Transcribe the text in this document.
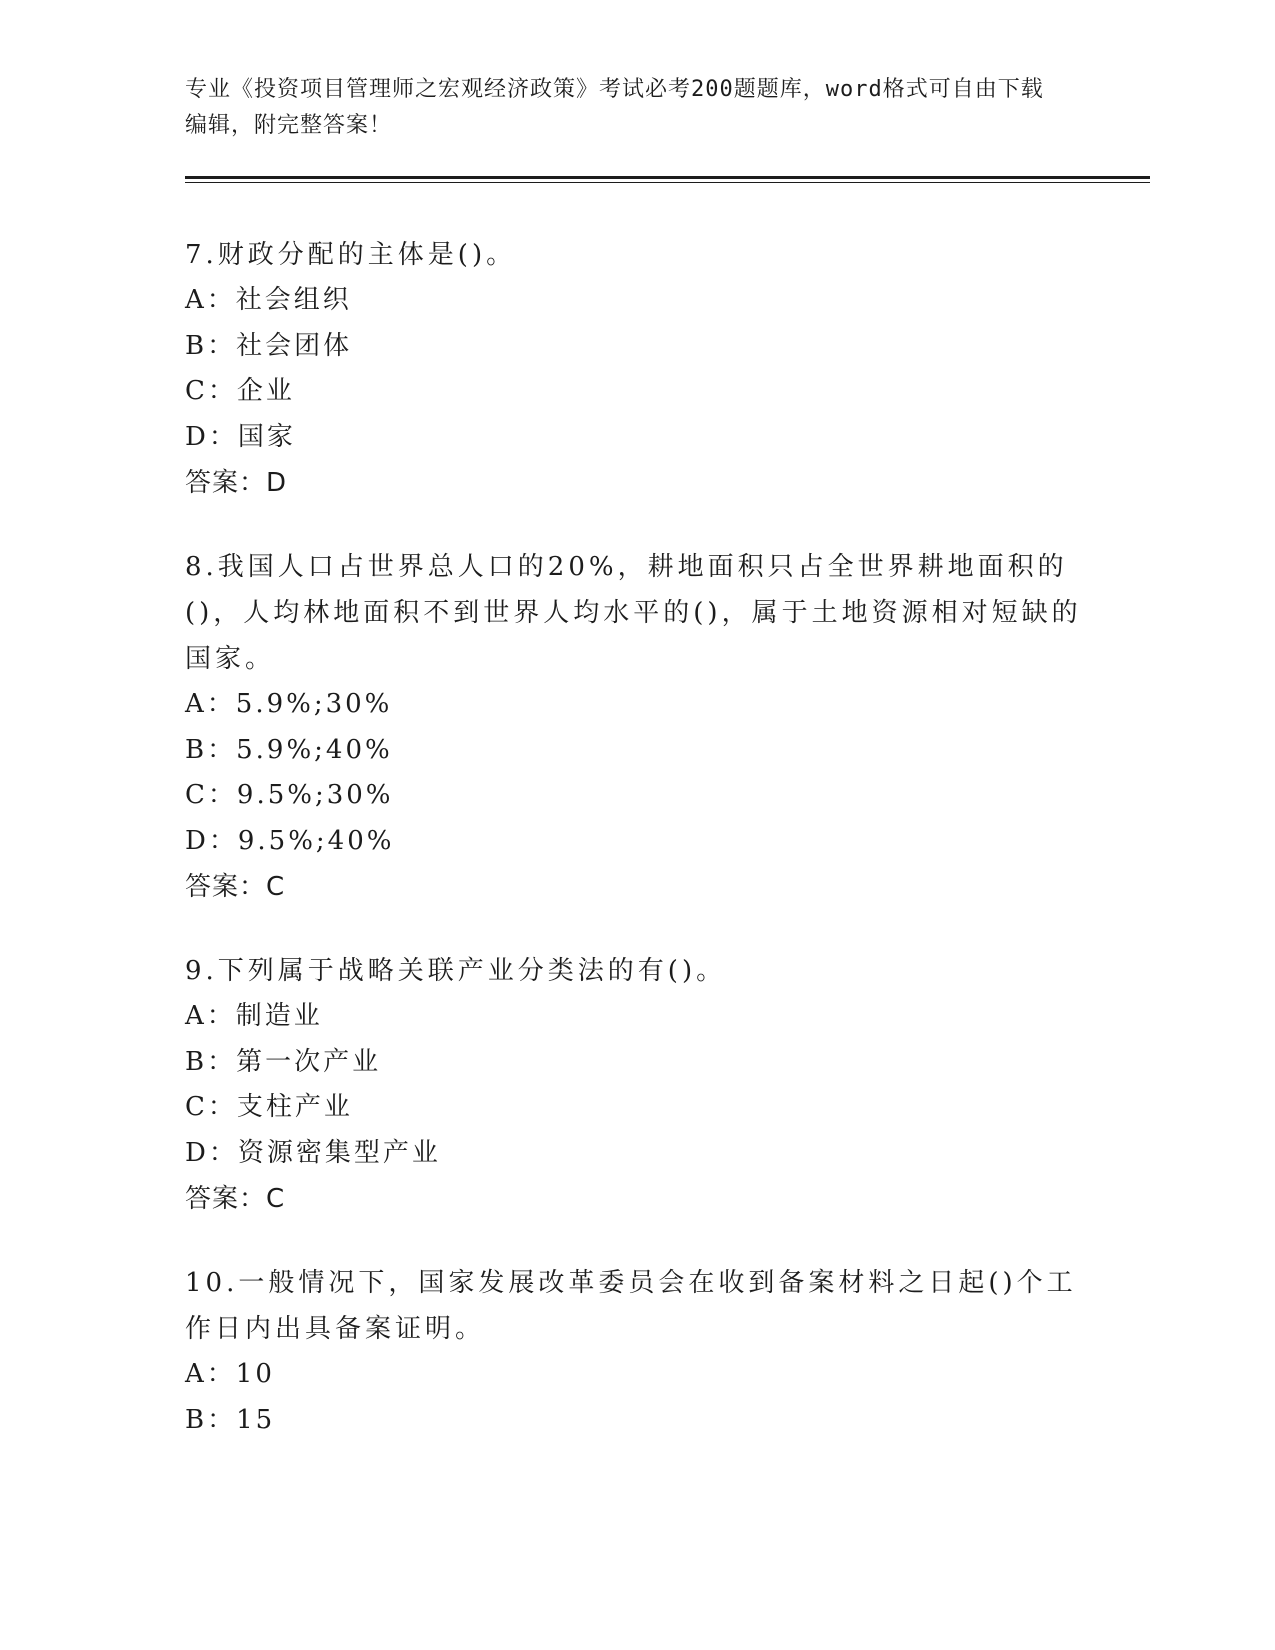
专业《投资项目管理师之宏观经济政策》考试必考200题题库，word格式可自由下载编辑，附完整答案！

7.财政分配的主体是()。

A：社会组织
B：社会团体
C：企业
D：国家

答案：D

8.我国人口占世界总人口的20%，耕地面积只占全世界耕地面积的()，人均林地面积不到世界人均水平的()，属于土地资源相对短缺的国家。

A：5.9%;30%
B：5.9%;40%
C：9.5%;30%
D：9.5%;40%

答案：C

9.下列属于战略关联产业分类法的有()。

A：制造业
B：第一次产业
C：支柱产业
D：资源密集型产业

答案：C

10.一般情况下，国家发展改革委员会在收到备案材料之日起()个工作日内出具备案证明。

A：10
B：15
